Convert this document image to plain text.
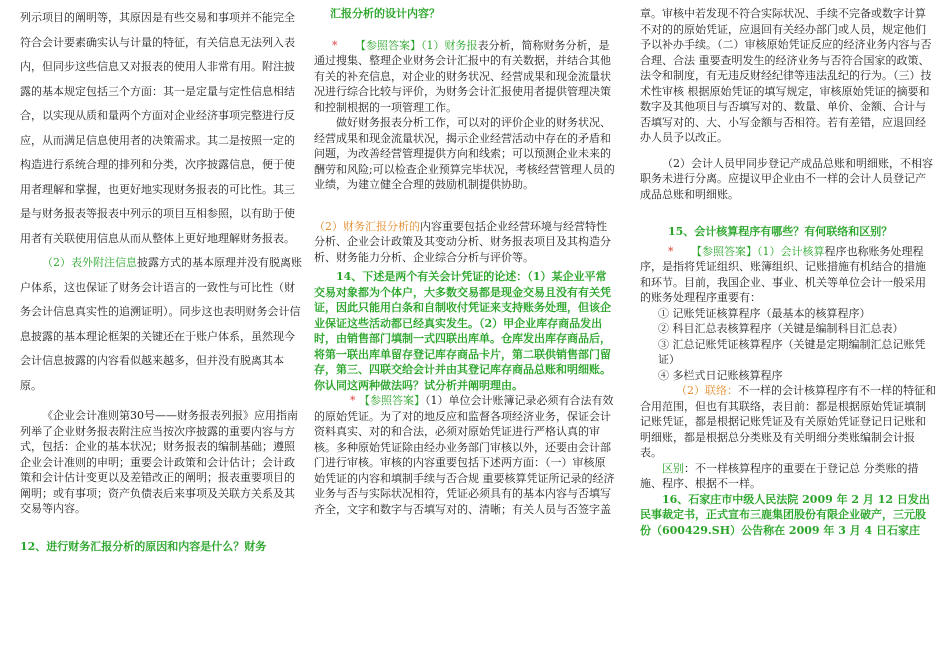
列示项目的阐明等，其原因是有些交易和事项并不能完全符合会计要素确实认与计量的特征，有关信息无法列入表内，但同步这些信息又对报表的使用人非常有用。附注披露的基本规定包括三个方面：其一是定量与定性信息相结合，以实现从质和量两个方面对企业经济事项完整进行反应，从而满足信息使用者的决策需求。其二是按照一定的构造进行系统合理的排列和分类，次序披露信息，便于使用者理解和掌握，也更好地实现财务报表的可比性。其三是与财务报表等报表中列示的项目互相参照，以有助于使用者有关联使用信息从而从整体上更好地理解财务报表。

（2）表外附注信息披露方式的基本原理并没有脱离账户体系，这也保证了财务会计语言的一致性与可比性（财务会计信息真实性的追溯证明）。同步这也表明财务会计信息披露的基本理论框架的关键还在于账户体系，虽然现今会计信息披露的内容看似越来越多，但并没有脱离其本原。

《企业会计准则第30号——财务报表列报》应用指南列举了企业财务报表附注应当按次序披露的重要内容与方式，包括：企业的基本状况；财务报表的编制基础；遵照企业会计准则的申明；重要会计政策和会计估计；会计政策和会计估计变更以及差错改正的阐明；报表重要项目的阐明；或有事项；资产负债表后来事项及关联方关系及其交易等内容。

12、进行财务汇报分析的原因和内容是什么？财务

汇报分析的设计内容？

* 【参照答案】（1）财务报表分析，简称财务分析，是通过搜集、整理企业财务会计汇报中的有关数据，并结合其他有关的补充信息，对企业的财务状况、经营成果和现金流量状况进行综合比较与评价，为财务会计汇报使用者提供管理决策和控制根据的一项管理工作。

做好财务报表分析工作，可以对的评价企业的财务状况、经营成果和现金流量状况，揭示企业经营活动中存在的矛盾和问题，为改善经营管理提供方向和线索；可以预测企业未来的酬劳和风险;可以检查企业预算完毕状况，考核经营管理人员的业绩，为建立健全合理的鼓励机制提供协助。

（2）财务汇报分析的内容重要包括企业经营环境与经营特性分析、企业会计政策及其变动分析、财务报表项目及其构造分析、财务能力分析、企业综合分析与评价等。

14、下述是两个有关会计凭证的论述：（1）某企业平常交易对象都为个体户，大多数交易都是现金交易且没有有关凭证，因此只能用白条和自制收付凭证来支持账务处理，但该企业保证这些活动都已经真实发生。（2）甲企业库存商品发出时，由销售部门填制一式四联出库单。仓库发出库存商品后，将第一联出库单留存登记库存商品卡片，第二联供销售部门留存，第三、四联交给会计并由其登记库存商品总账和明细账。你认同这两种做法吗？试分析并阐明理由。

* 【参照答案】（1）单位会计账簿记录必须有合法有效的原始凭证。为了对的地反应和监督各项经济业务，保证会计资料真实、对的和合法，必须对原始凭证进行严格认真的审核。多种原始凭证除由经办业务部门审核以外，还要由会计部门进行审核。审核的内容重要包括下述两方面：（一）审核原始凭证的内容和填制手续与否合规 重要核算凭证所记录的经济业务与否与实际状况相符，凭证必须具有的基本内容与否填写齐全，文字和数字与否填写对的、清晰；有关人员与否签字盖

章。审核中若发现不符合实际状况、手续不完备或数字计算不对的的原始凭证，应退回有关经办部门或人员，规定他们予以补办手续。（二）审核原始凭证反应的经济业务内容与否合理、合法 重要查明发生的经济业务与否符合国家的政策、法令和制度，有无违反财经纪律等违法乱纪的行为。（三）技术性审核 根据原始凭证的填写规定，审核原始凭证的摘要和数字及其他项目与否填写对的、数量、单价、金额、合计与否填写对的、大、小写金额与否相符。若有差错，应退回经办人员予以改正。

（2）会计人员甲同步登记产成品总账和明细账，不相容职务未进行分离。应提议甲企业由不一样的会计人员登记产成品总账和明细账。

15、会计核算程序有哪些？有何联络和区别？

* 【参照答案】（1）会计核算程序也称账务处理程序，是指将凭证组织、账簿组织、记账措施有机结合的措施和环节。目前，我国企业、事业、机关等单位会计一般采用的账务处理程序重要有：

① 记账凭证核算程序（最基本的核算程序）

② 科目汇总表核算程序（关键是编制科目汇总表）

③ 汇总记账凭证核算程序（关键是定期编制汇总记账凭证）

④ 多栏式日记账核算程序

（2）联络：不一样的会计核算程序有不一样的特征和合用范围，但也有其联络，表目前：都是根据原始凭证填制记账凭证，都是根据记账凭证及有关原始凭证登记日记账和明细账，都是根据总分类账及有关明细分类账编制会计报表。

区别：不一样核算程序的重要在于登记总 分类账的措施、程序、根据不一样。

16、石家庄市中级人民法院 2009 年 2 月 12 日发出民事裁定书，正式宣布三鹿集团股份有限企业破产，三元股份（600429.SH）公告称在 2009 年 3 月 4 日石家庄
